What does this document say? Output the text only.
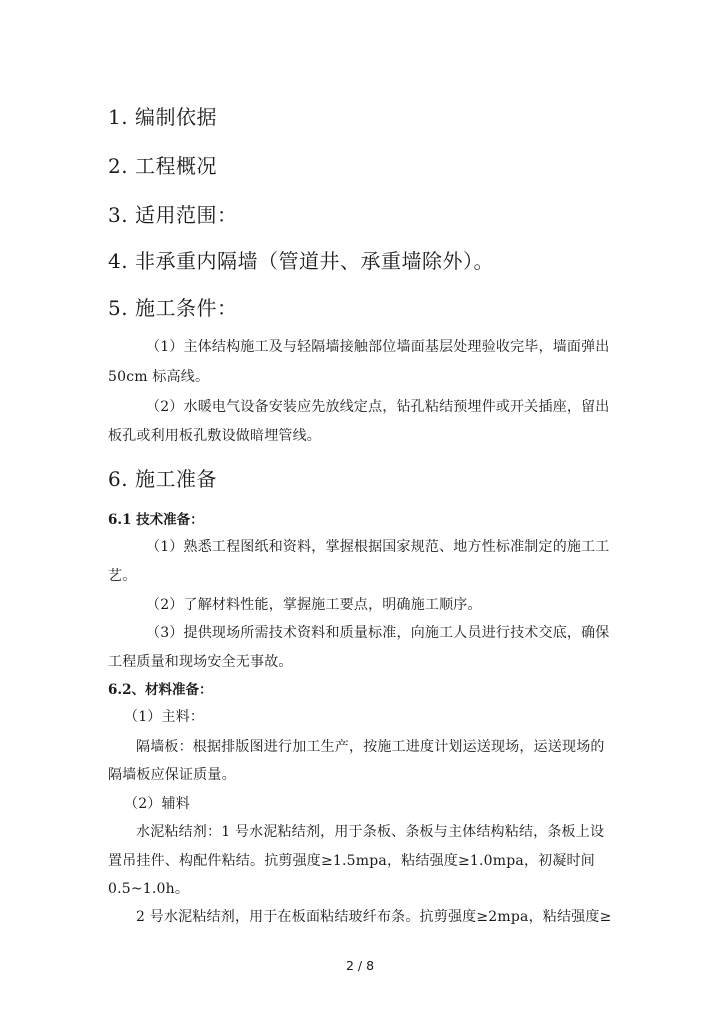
1. 编制依据
2. 工程概况
3. 适用范围：
4. 非承重内隔墙（管道井、承重墙除外）。
5. 施工条件：
（1）主体结构施工及与轻隔墙接触部位墙面基层处理验收完毕，墙面弹出
50cm 标高线。
（2）水暖电气设备安装应先放线定点，钻孔粘结预埋件或开关插座，留出
板孔或利用板孔敷设做暗埋管线。
6. 施工准备
6.1 技术准备：
（1）熟悉工程图纸和资料，掌握根据国家规范、地方性标准制定的施工工
艺。
（2）了解材料性能，掌握施工要点，明确施工顺序。
（3）提供现场所需技术资料和质量标准，向施工人员进行技术交底，确保
工程质量和现场安全无事故。
6.2、材料准备：
（1）主料：
隔墙板：根据排版图进行加工生产，按施工进度计划运送现场，运送现场的
隔墙板应保证质量。
（2）辅料
水泥粘结剂：1 号水泥粘结剂，用于条板、条板与主体结构粘结，条板上设
置吊挂件、构配件粘结。抗剪强度≥1.5mpa，粘结强度≥1.0mpa，初凝时间
0.5~1.0h。
2 号水泥粘结剂，用于在板面粘结玻纤布条。抗剪强度≥2mpa，粘结强度≥
2 / 8
